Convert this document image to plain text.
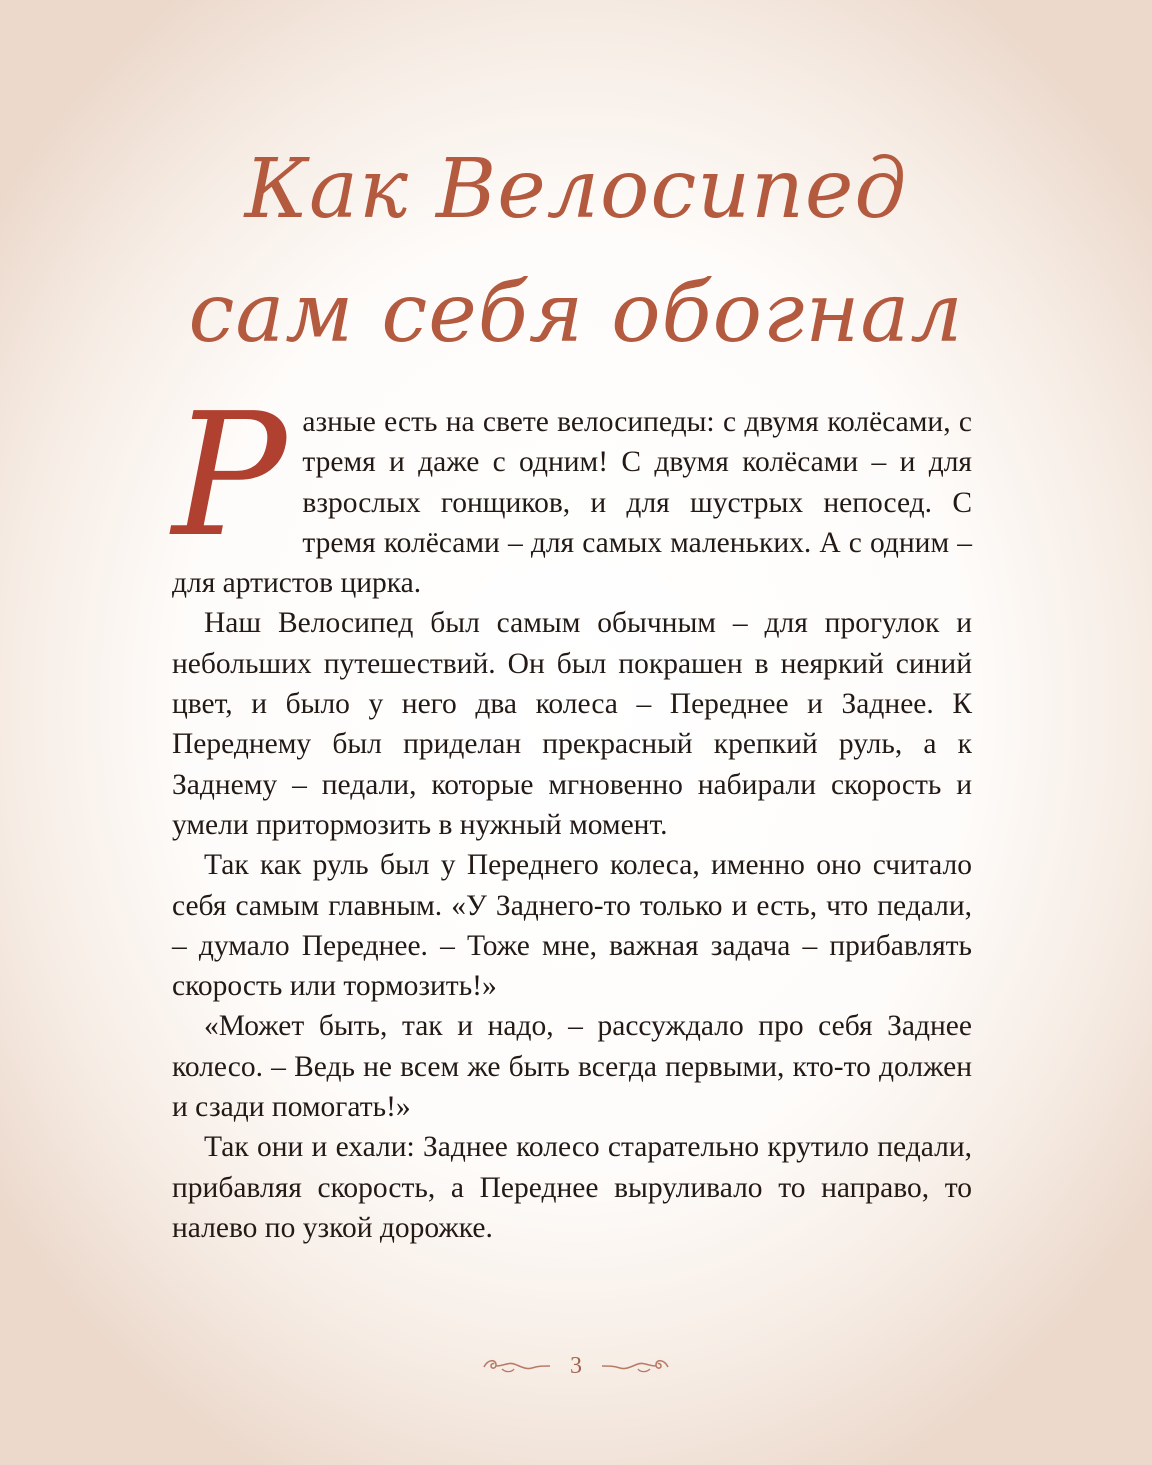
Как Велосипед
сам себя обогнал

Разные есть на свете велосипеды: с двумя колёсами, с тремя и даже с одним! С двумя колёсами – и для взрослых гонщиков, и для шустрых непосед. С тремя колёсами – для самых маленьких. А с одним – для артистов цирка.

Наш Велосипед был самым обычным – для прогулок и небольших путешествий. Он был покрашен в неяркий синий цвет, и было у него два колеса – Переднее и Заднее. К Переднему был приделан прекрасный крепкий руль, а к Заднему – педали, которые мгновенно набирали скорость и умели притормозить в нужный момент.

Так как руль был у Переднего колеса, именно оно считало себя самым главным. «У Заднего-то только и есть, что педали, – думало Переднее. – Тоже мне, важная задача – прибавлять скорость или тормозить!»

«Может быть, так и надо, – рассуждало про себя Заднее колесо. – Ведь не всем же быть всегда первыми, кто-то должен и сзади помогать!»

Так они и ехали: Заднее колесо старательно крутило педали, прибавляя скорость, а Переднее выруливало то направо, то налево по узкой дорожке.

3
